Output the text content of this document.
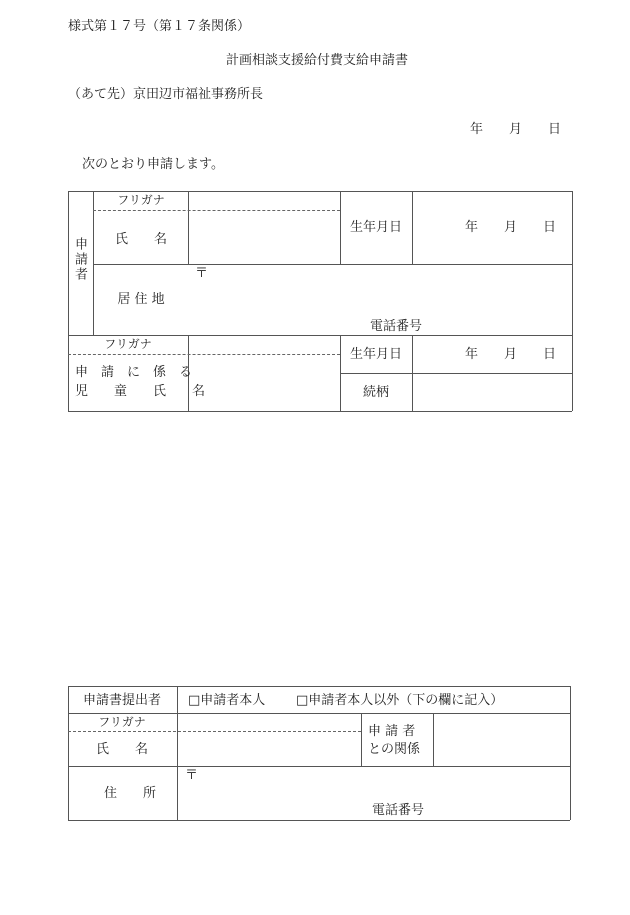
様式第１７号（第１７条関係）
計画相談支援給付費支給申請書
（あて先）京田辺市福祉事務所長
年　　月　　日
次のとおり申請します。
申請者
フリガナ
氏　　名
生年月日	年　　月　　日
居 住 地
〒
電話番号
フリガナ
申　請　に　係　る
児　　童　　氏　　名
生年月日	年　　月　　日
続柄
申請書提出者 □申請者本人 □申請者本人以外（下の欄に記入）
フリガナ
氏　　名
申 請 者
との関係
住　　所
〒
電話番号
